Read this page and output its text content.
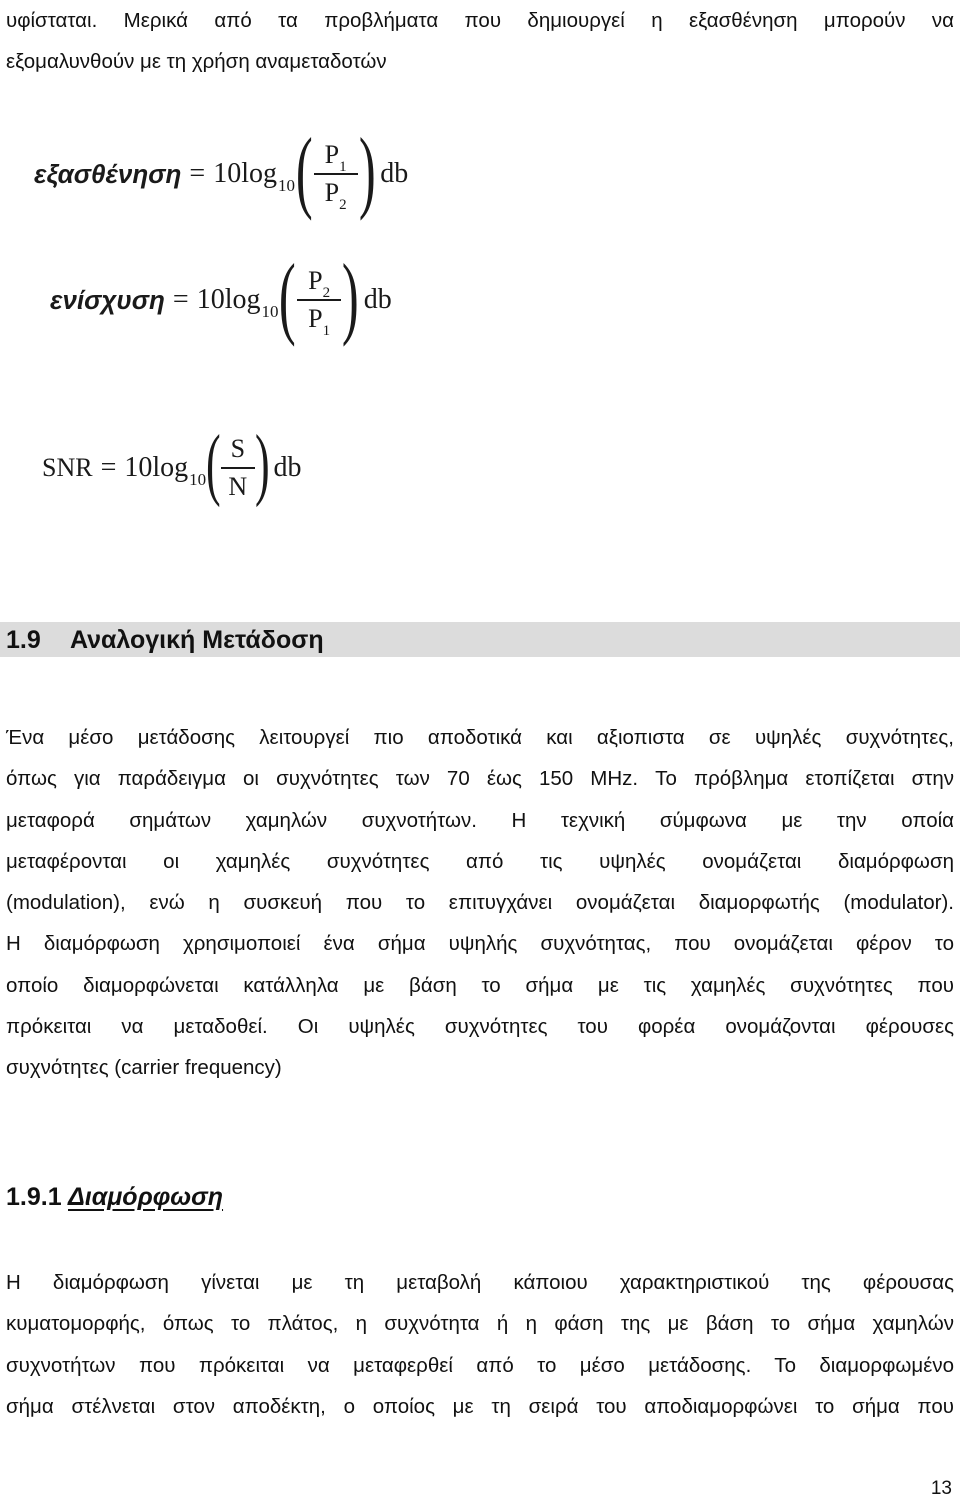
υφίσταται. Μερικά από τα προβλήματα που δημιουργεί η εξασθένηση μπορούν να
εξομαλυνθούν με τη χρήση αναμεταδοτών
εξασθένηση = 10log 10 ( $\frac{P_1}{P_2}$ ) db
ενίσχυση = 10log 10 ( $\frac{P_2}{P_1}$ ) db
SNR = 10log 10 ( $\frac{S}{N}$ ) db
1.9 Αναλογική Μετάδοση
Ένα μέσο μετάδοσης λειτουργεί πιο αποδοτικά και αξιοπιστα σε υψηλές συχνότητες,
όπως για παράδειγμα οι συχνότητες των 70 έως 150 MHz. Το πρόβλημα ετοπίζεται στην
μεταφορά σημάτων χαμηλών συχνοτήτων. Η τεχνική σύμφωνα με την οποία
μεταφέρονται οι χαμηλές συχνότητες από τις υψηλές ονομάζεται διαμόρφωση
(modulation), ενώ η συσκευή που το επιτυγχάνει ονομάζεται διαμορφωτής (modulator).
Η διαμόρφωση χρησιμοποιεί ένα σήμα υψηλής συχνότητας, που ονομάζεται φέρον το
οποίο διαμορφώνεται κατάλληλα με βάση το σήμα με τις χαμηλές συχνότητες που
πρόκειται να μεταδοθεί. Οι υψηλές συχνότητες του φορέα ονομάζονται φέρουσες
συχνότητες (carrier frequency)
1.9.1 Διαμόρφωση
Η διαμόρφωση γίνεται με τη μεταβολή κάποιου χαρακτηριστικού της φέρουσας
κυματομορφής, όπως το πλάτος, η συχνότητα ή η φάση της με βάση το σήμα χαμηλών
συχνοτήτων που πρόκειται να μεταφερθεί από το μέσο μετάδοσης. Το διαμορφωμένο
σήμα στέλνεται στον αποδέκτη, ο οποίος με τη σειρά του αποδιαμορφώνει το σήμα που
13
